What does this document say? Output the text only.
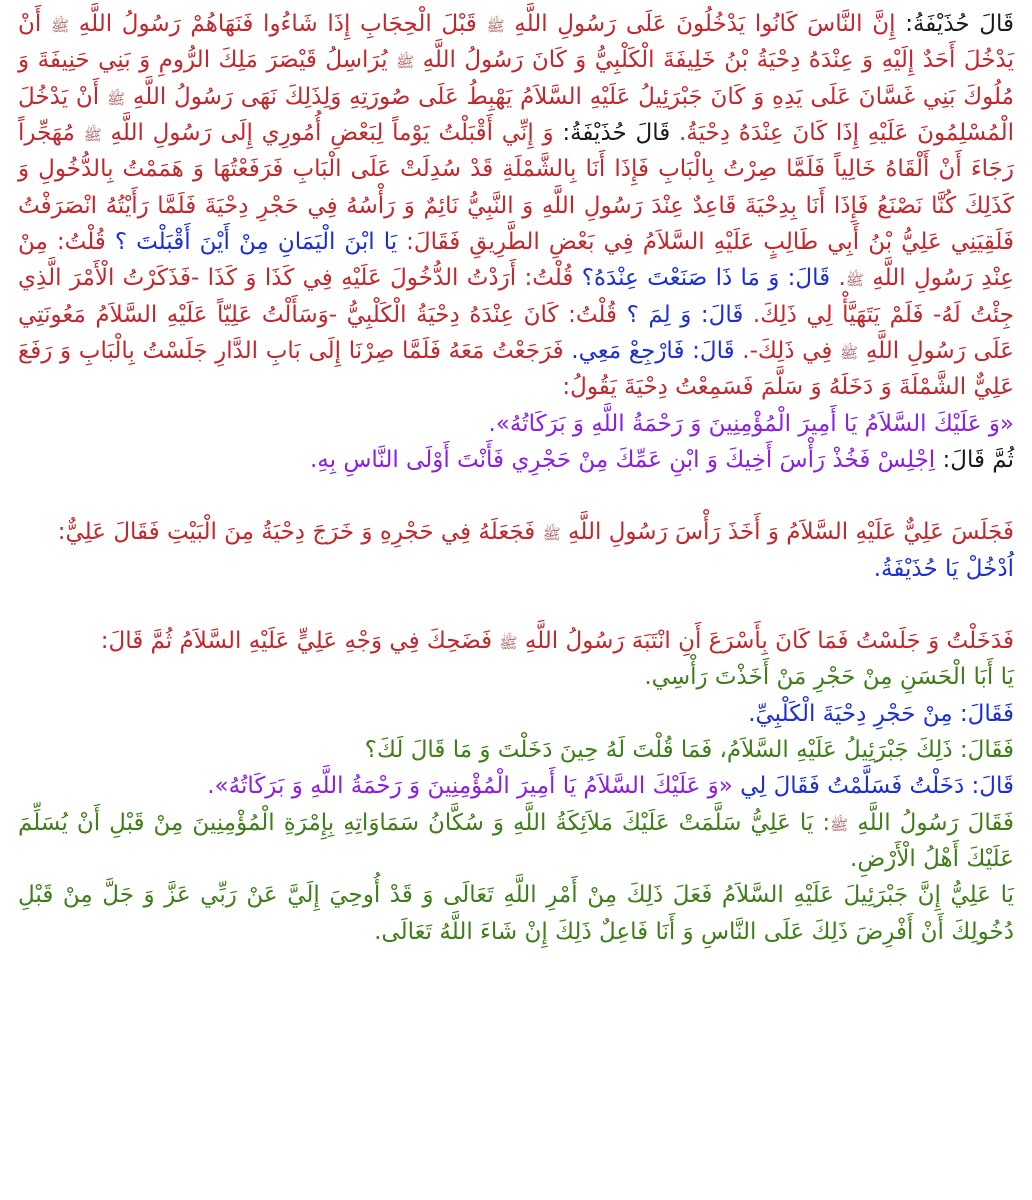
قَالَ حُذَيْفَةُ: إِنَّ النَّاسَ كَانُوا يَدْخُلُونَ عَلَى رَسُولِ اللَّهِ ﷺ قَبْلَ الْحِجَابِ إِذَا شَاءُوا فَنَهَاهُمْ رَسُولُ اللَّهِ ﷺ أَنْ يَدْخُلَ أَحَدٌ إِلَيْهِ وَ عِنْدَهُ دِحْيَةُ بْنُ خَلِيفَةَ الْكَلْبِيُّ وَ كَانَ رَسُولُ اللَّهِ ﷺ يُرَاسِلُ قَيْصَرَ مَلِكَ الرُّومِ وَ بَنِي حَنِيفَةَ وَ مُلُوكَ بَنِي غَسَّانَ عَلَى يَدِهِ وَ كَانَ جَبْرَئِيلُ عَلَيْهِ السَّلاَمُ يَهْبِطُ عَلَى صُورَتِهِ وَلِذَلِكَ نَهَى رَسُولُ اللَّهِ ﷺ أَنْ يَدْخُلَ الْمُسْلِمُونَ عَلَيْهِ إِذَا كَانَ عِنْدَهُ دِحْيَةُ. قَالَ حُذَيْفَةُ: وَ إِنِّي أَقْبَلْتُ يَوْماً لِبَعْضِ أُمُورِي إِلَى رَسُولِ اللَّهِ ﷺ مُهَجِّراً رَجَاءَ أَنْ أَلْقَاهُ خَالِياً فَلَمَّا صِرْتُ بِالْبَابِ فَإِذَا أَنَا بِالشَّمْلَةِ قَدْ سُدِلَتْ عَلَى الْبَابِ فَرَفَعْتُهَا وَ هَمَمْتُ بِالدُّخُولِ وَ كَذَلِكَ كُنَّا نَصْنَعُ فَإِذَا أَنَا بِدِحْيَةَ قَاعِدٌ عِنْدَ رَسُولِ اللَّهِ وَ النَّبِيُّ نَائِمٌ وَ رَأْسُهُ فِي حَجْرِ دِحْيَةَ فَلَمَّا رَأَيْتُهُ انْصَرَفْتُ فَلَقِيَنِي عَلِيُّ بْنُ أَبِي طَالِبٍ عَلَيْهِ السَّلاَمُ فِي بَعْضِ الطَّرِيقِ فَقَالَ: يَا ابْنَ الْيَمَانِ مِنْ أَيْنَ أَقْبَلْتَ ؟ قُلْتُ: مِنْ عِنْدِ رَسُولِ اللَّهِ ﷺ. قَالَ: وَ مَا ذَا صَنَعْتَ عِنْدَهُ؟ قُلْتُ: أَرَدْتُ الدُّخُولَ عَلَيْهِ فِي كَذَا وَ كَذَا -فَذَكَرْتُ الْأَمْرَ الَّذِي جِئْتُ لَهُ- فَلَمْ يَتَهَيَّأْ لِي ذَلِكَ. قَالَ: وَ لِمَ ؟ قُلْتُ: كَانَ عِنْدَهُ دِحْيَةُ الْكَلْبِيُّ -وَسَأَلْتُ عَلِيّاً عَلَيْهِ السَّلاَمُ مَعُونَتِي عَلَى رَسُولِ اللَّهِ ﷺ فِي ذَلِكَ-. قَالَ: فَارْجِعْ مَعِي. فَرَجَعْتُ مَعَهُ فَلَمَّا صِرْنَا إِلَى بَابِ الدَّارِ جَلَسْتُ بِالْبَابِ وَ رَفَعَ عَلِيٌّ الشَّمْلَةَ وَ دَخَلَهُ وَ سَلَّمَ فَسَمِعْتُ دِحْيَةَ يَقُولُ:

«وَ عَلَيْكَ السَّلاَمُ يَا أَمِيرَ الْمُؤْمِنِينَ وَ رَحْمَةُ اللَّهِ وَ بَرَكَاتُهُ».

ثُمَّ قَالَ: اِجْلِسْ فَخُذْ رَأْسَ أَخِيكَ وَ ابْنِ عَمِّكَ مِنْ حَجْرِي فَأَنْتَ أَوْلَى النَّاسِ بِهِ.

فَجَلَسَ عَلِيٌّ عَلَيْهِ السَّلاَمُ وَ أَخَذَ رَأْسَ رَسُولِ اللَّهِ ﷺ فَجَعَلَهُ فِي حَجْرِهِ وَ خَرَجَ دِحْيَةُ مِنَ الْبَيْتِ فَقَالَ عَلِيٌّ:

اُدْخُلْ يَا حُذَيْفَةُ.

فَدَخَلْتُ وَ جَلَسْتُ فَمَا كَانَ بِأَسْرَعَ أَنِ انْتَبَهَ رَسُولُ اللَّهِ ﷺ فَضَحِكَ فِي وَجْهِ عَلِيٍّ عَلَيْهِ السَّلاَمُ ثُمَّ قَالَ:

يَا أَبَا الْحَسَنِ مِنْ حَجْرِ مَنْ أَخَذْتَ رَأْسِي.

فَقَالَ: مِنْ حَجْرِ دِحْيَةَ الْكَلْبِيِّ.

فَقَالَ: ذَلِكَ جَبْرَئِيلُ عَلَيْهِ السَّلاَمُ، فَمَا قُلْتَ لَهُ حِينَ دَخَلْتَ وَ مَا قَالَ لَكَ؟

قَالَ: دَخَلْتُ فَسَلَّمْتُ فَقَالَ لِي «وَ عَلَيْكَ السَّلاَمُ يَا أَمِيرَ الْمُؤْمِنِينَ وَ رَحْمَةُ اللَّهِ وَ بَرَكَاتُهُ».

فَقَالَ رَسُولُ اللَّهِ ﷺ: يَا عَلِيُّ سَلَّمَتْ عَلَيْكَ مَلاَئِكَةُ اللَّهِ وَ سُكَّانُ سَمَاوَاتِهِ بِإِمْرَةِ الْمُؤْمِنِينَ مِنْ قَبْلِ أَنْ يُسَلِّمَ عَلَيْكَ أَهْلُ الْأَرْضِ.

يَا عَلِيُّ إِنَّ جَبْرَئِيلَ عَلَيْهِ السَّلاَمُ فَعَلَ ذَلِكَ مِنْ أَمْرِ اللَّهِ تَعَالَى وَ قَدْ أُوحِيَ إِلَيَّ عَنْ رَبِّي عَزَّ وَ جَلَّ مِنْ قَبْلِ دُخُولِكَ أَنْ أَفْرِضَ ذَلِكَ عَلَى النَّاسِ وَ أَنَا فَاعِلٌ ذَلِكَ إِنْ شَاءَ اللَّهُ تَعَالَى.
